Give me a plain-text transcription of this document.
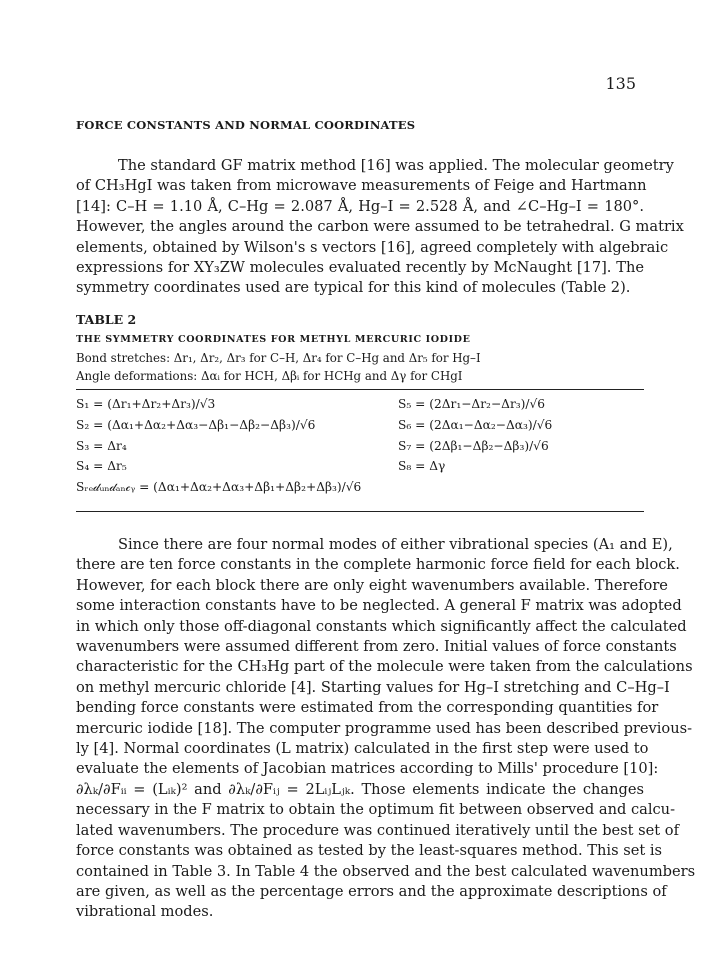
135
FORCE CONSTANTS AND NORMAL COORDINATES
The standard GF matrix method [16] was applied. The molecular geometry
of CH₃HgI was taken from microwave measurements of Feige and Hartmann
[14]: C–H = 1.10 Å, C–Hg = 2.087 Å, Hg–I = 2.528 Å, and ∠C–Hg–I = 180°.
However, the angles around the carbon were assumed to be tetrahedral. G matrix
elements, obtained by Wilson's s vectors [16], agreed completely with algebraic
expressions for XY₃ZW molecules evaluated recently by McNaught [17]. The
symmetry coordinates used are typical for this kind of molecules (Table 2).
TABLE 2
THE SYMMETRY COORDINATES FOR METHYL MERCURIC IODIDE
Bond stretches: Δr₁, Δr₂, Δr₃ for C–H, Δr₄ for C–Hg and Δr₅ for Hg–I
Angle deformations: Δαᵢ for HCH, Δβᵢ for HCHg and Δγ for CHgI
S₁ = (Δr₁+Δr₂+Δr₃)/√3
S₂ = (Δα₁+Δα₂+Δα₃−Δβ₁−Δβ₂−Δβ₃)/√6
S₃ = Δr₄
S₄ = Δr₅
Sᵣₑ𝒹ᵤₙ𝒹ₐₙ𝒸ᵧ = (Δα₁+Δα₂+Δα₃+Δβ₁+Δβ₂+Δβ₃)/√6
S₅ = (2Δr₁−Δr₂−Δr₃)/√6
S₆ = (2Δα₁−Δα₂−Δα₃)/√6
S₇ = (2Δβ₁−Δβ₂−Δβ₃)/√6
S₈ = Δγ
Since there are four normal modes of either vibrational species (A₁ and E),
there are ten force constants in the complete harmonic force field for each block.
However, for each block there are only eight wavenumbers available. Therefore
some interaction constants have to be neglected. A general F matrix was adopted
in which only those off-diagonal constants which significantly affect the calculated
wavenumbers were assumed different from zero. Initial values of force constants
characteristic for the CH₃Hg part of the molecule were taken from the calculations
on methyl mercuric chloride [4]. Starting values for Hg–I stretching and C–Hg–I
bending force constants were estimated from the corresponding quantities for
mercuric iodide [18]. The computer programme used has been described previous-
ly [4]. Normal coordinates (L matrix) calculated in the first step were used to
evaluate the elements of Jacobian matrices according to Mills' procedure [10]:
∂λₖ/∂Fᵢᵢ = (Lᵢₖ)² and ∂λₖ/∂Fᵢⱼ = 2LᵢⱼLⱼₖ. Those elements indicate the changes
necessary in the F matrix to obtain the optimum fit between observed and calcu-
lated wavenumbers. The procedure was continued iteratively until the best set of
force constants was obtained as tested by the least-squares method. This set is
contained in Table 3. In Table 4 the observed and the best calculated wavenumbers
are given, as well as the percentage errors and the approximate descriptions of
vibrational modes.
